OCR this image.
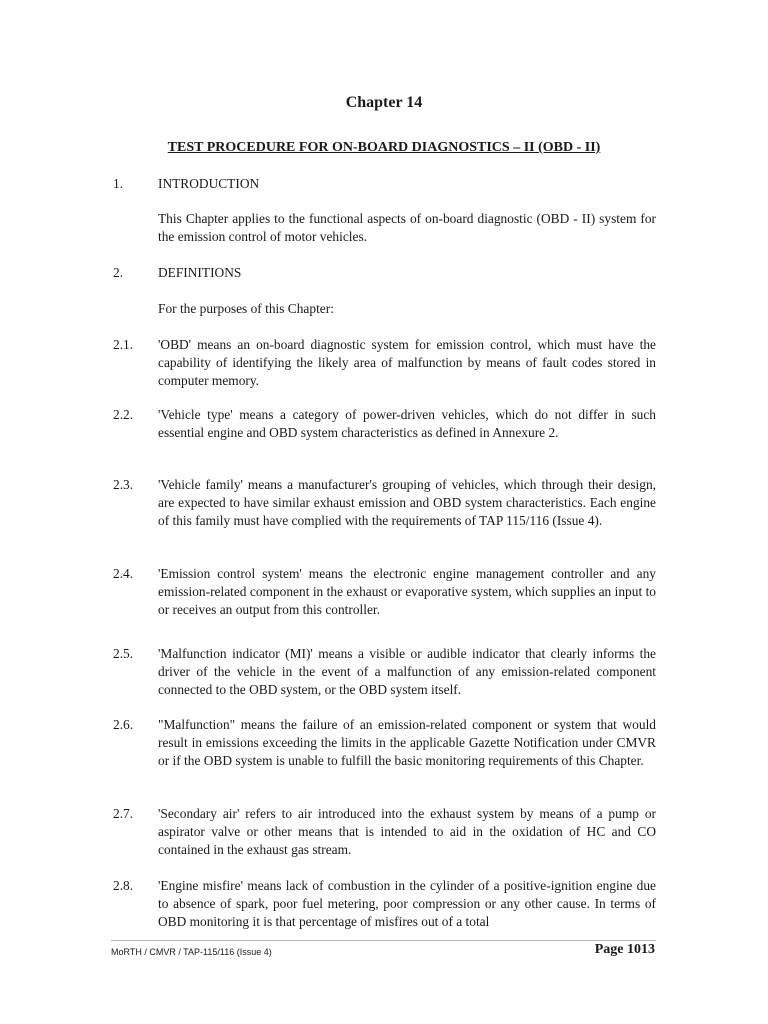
Chapter 14
TEST PROCEDURE FOR ON-BOARD DIAGNOSTICS – II (OBD - II)
1.	INTRODUCTION
This Chapter applies to the functional aspects of on-board diagnostic (OBD - II) system for the emission control of motor vehicles.
2.	DEFINITIONS
For the purposes of this Chapter:
2.1. 'OBD' means an on-board diagnostic system for emission control, which must have the capability of identifying the likely area of malfunction by means of fault codes stored in computer memory.
2.2. 'Vehicle type' means a category of power-driven vehicles, which do not differ in such essential engine and OBD system characteristics as defined in Annexure 2.
2.3. 'Vehicle family' means a manufacturer's grouping of vehicles, which through their design, are expected to have similar exhaust emission and OBD system characteristics. Each engine of this family must have complied with the requirements of TAP 115/116 (Issue 4).
2.4. 'Emission control system' means the electronic engine management controller and any emission-related component in the exhaust or evaporative system, which supplies an input to or receives an output from this controller.
2.5. 'Malfunction indicator (MI)' means a visible or audible indicator that clearly informs the driver of the vehicle in the event of a malfunction of any emission-related component connected to the OBD system, or the OBD system itself.
2.6. "Malfunction" means the failure of an emission-related component or system that would result in emissions exceeding the limits in the applicable Gazette Notification under CMVR or if the OBD system is unable to fulfill the basic monitoring requirements of this Chapter.
2.7. 'Secondary air' refers to air introduced into the exhaust system by means of a pump or aspirator valve or other means that is intended to aid in the oxidation of HC and CO contained in the exhaust gas stream.
2.8. 'Engine misfire' means lack of combustion in the cylinder of a positive-ignition engine due to absence of spark, poor fuel metering, poor compression or any other cause. In terms of OBD monitoring it is that percentage of misfires out of a total
MoRTH / CMVR / TAP-115/116 (Issue 4)	Page 1013
